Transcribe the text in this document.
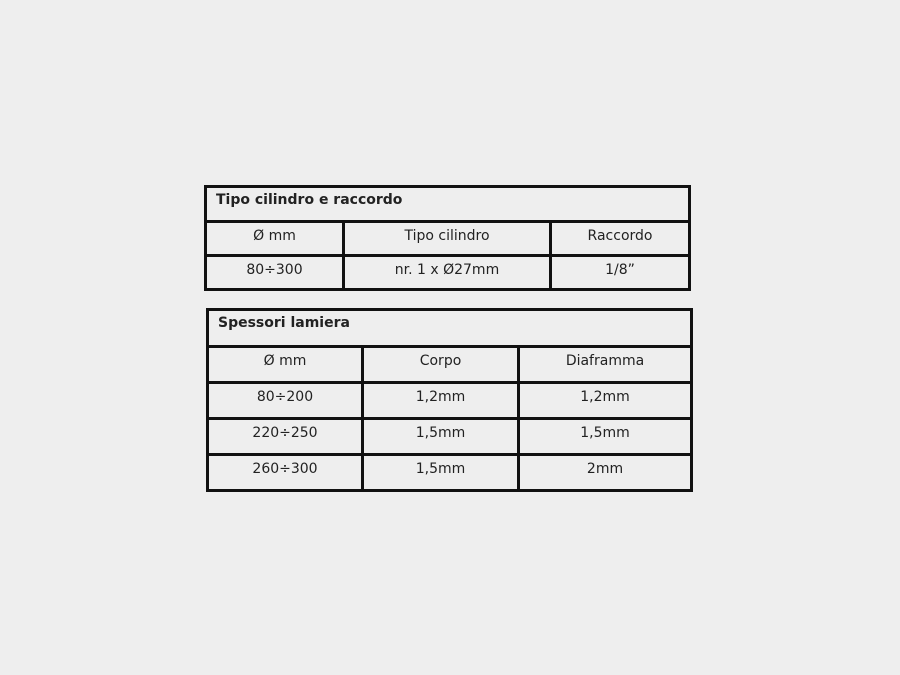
Tipo cilindro e raccordo		
Ø mm	Tipo cilindro	Raccordo
80÷300	nr. 1 x Ø27mm	1/8”
Spessori lamiera		
Ø mm	Corpo	Diaframma
80÷200	1,2mm	1,2mm
220÷250	1,5mm	1,5mm
260÷300	1,5mm	2mm
